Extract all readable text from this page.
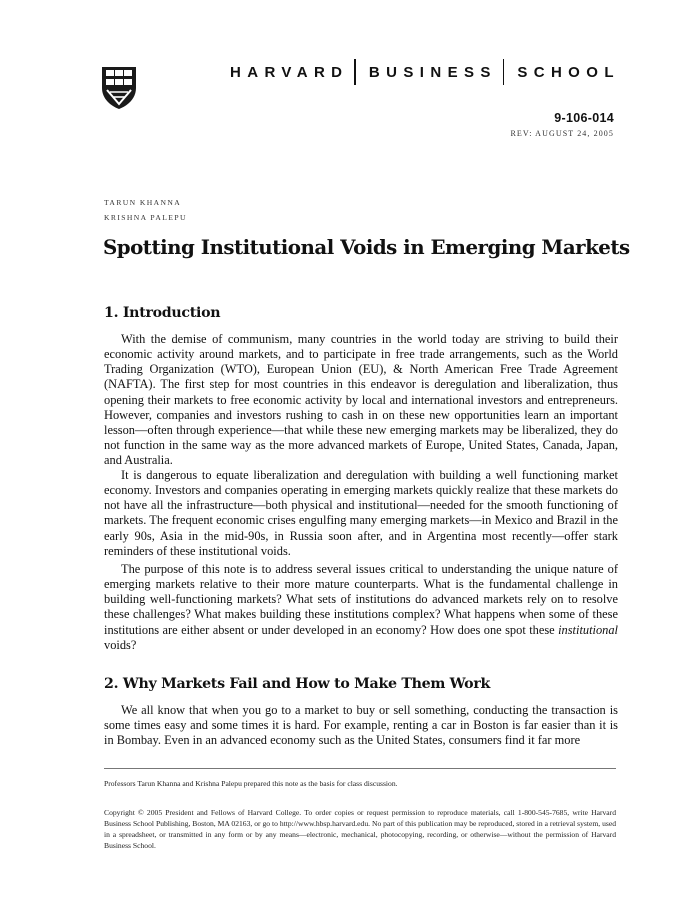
HARVARD BUSINESS SCHOOL
9-106-014
REV: AUGUST 24, 2005
TARUN KHANNA
KRISHNA PALEPU
Spotting Institutional Voids in Emerging Markets
1. Introduction

With the demise of communism, many countries in the world today are striving to build their economic activity around markets, and to participate in free trade arrangements, such as the World Trading Organization (WTO), European Union (EU), & North American Free Trade Agreement (NAFTA). The first step for most countries in this endeavor is deregulation and liberalization, thus opening their markets to free economic activity by local and international investors and entrepreneurs. However, companies and investors rushing to cash in on these new opportunities learn an important lesson—often through experience—that while these new emerging markets may be liberalized, they do not function in the same way as the more advanced markets of Europe, United States, Canada, Japan, and Australia.

It is dangerous to equate liberalization and deregulation with building a well functioning market economy. Investors and companies operating in emerging markets quickly realize that these markets do not have all the infrastructure—both physical and institutional—needed for the smooth functioning of markets. The frequent economic crises engulfing many emerging markets—in Mexico and Brazil in the early 90s, Asia in the mid-90s, in Russia soon after, and in Argentina most recently—offer stark reminders of these institutional voids.

The purpose of this note is to address several issues critical to understanding the unique nature of emerging markets relative to their more mature counterparts. What is the fundamental challenge in building well-functioning markets? What sets of institutions do advanced markets rely on to resolve these challenges? What makes building these institutions complex? What happens when some of these institutions are either absent or under developed in an economy? How does one spot these institutional voids?

2. Why Markets Fail and How to Make Them Work

We all know that when you go to a market to buy or sell something, conducting the transaction is some times easy and some times it is hard. For example, renting a car in Boston is far easier than it is in Bombay. Even in an advanced economy such as the United States, consumers find it far more

Professors Tarun Khanna and Krishna Palepu prepared this note as the basis for class discussion.

Copyright © 2005 President and Fellows of Harvard College. To order copies or request permission to reproduce materials, call 1-800-545-7685, write Harvard Business School Publishing, Boston, MA 02163, or go to http://www.hbsp.harvard.edu. No part of this publication may be reproduced, stored in a retrieval system, used in a spreadsheet, or transmitted in any form or by any means—electronic, mechanical, photocopying, recording, or otherwise—without the permission of Harvard Business School.
